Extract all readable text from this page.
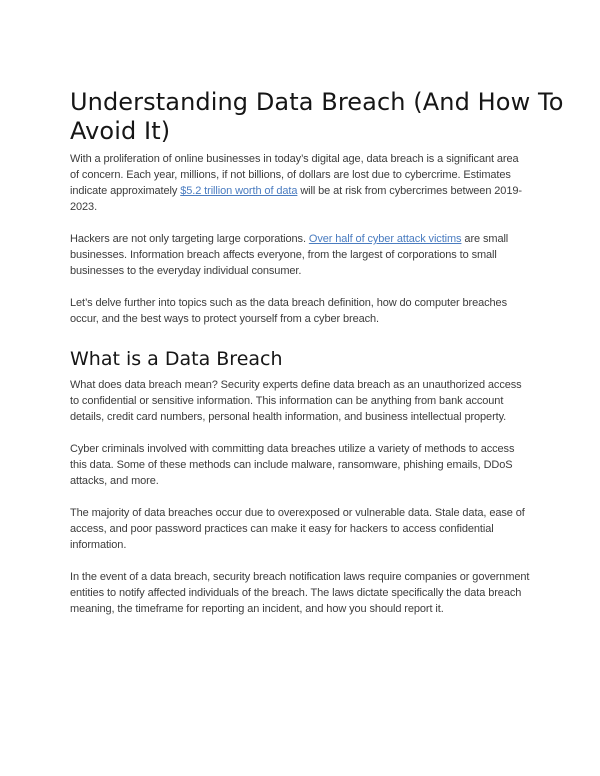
Understanding Data Breach (And How To
Avoid It)

With a proliferation of online businesses in today’s digital age, data breach is a significant area of concern. Each year, millions, if not billions, of dollars are lost due to cybercrime. Estimates indicate approximately $5.2 trillion worth of data will be at risk from cybercrimes between 2019-2023.

Hackers are not only targeting large corporations. Over half of cyber attack victims are small businesses. Information breach affects everyone, from the largest of corporations to small businesses to the everyday individual consumer.

Let’s delve further into topics such as the data breach definition, how do computer breaches occur, and the best ways to protect yourself from a cyber breach.

What is a Data Breach

What does data breach mean? Security experts define data breach as an unauthorized access to confidential or sensitive information. This information can be anything from bank account details, credit card numbers, personal health information, and business intellectual property.

Cyber criminals involved with committing data breaches utilize a variety of methods to access this data. Some of these methods can include malware, ransomware, phishing emails, DDoS attacks, and more.

The majority of data breaches occur due to overexposed or vulnerable data. Stale data, ease of access, and poor password practices can make it easy for hackers to access confidential information.

In the event of a data breach, security breach notification laws require companies or government entities to notify affected individuals of the breach. The laws dictate specifically the data breach meaning, the timeframe for reporting an incident, and how you should report it.
